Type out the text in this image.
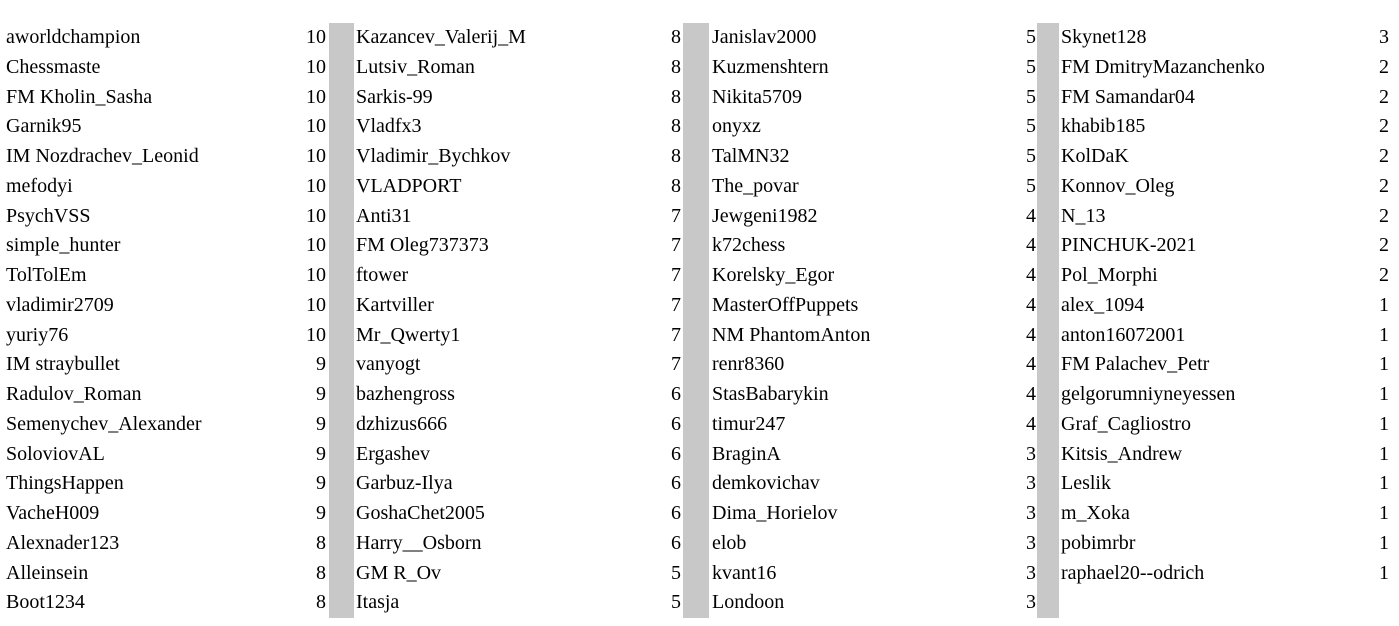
aworldchampion	10
Chessmaste	10
FM Kholin_Sasha	10
Garnik95	10
IM Nozdrachev_Leonid	10
mefodyi	10
PsychVSS	10
simple_hunter	10
TolTolEm	10
vladimir2709	10
yuriy76	10
IM straybullet	9
Radulov_Roman	9
Semenychev_Alexander	9
SoloviovAL	9
ThingsHappen	9
VacheH009	9
Alexnader123	8
Alleinsein	8
Boot1234	8
Kazancev_Valerij_M	8
Lutsiv_Roman	8
Sarkis-99	8
Vladfx3	8
Vladimir_Bychkov	8
VLADPORT	8
Anti31	7
FM Oleg737373	7
ftower	7
Kartviller	7
Mr_Qwerty1	7
vanyogt	7
bazhengross	6
dzhizus666	6
Ergashev	6
Garbuz-Ilya	6
GoshaChet2005	6
Harry__Osborn	6
GM R_Ov	5
Itasja	5
Janislav2000	5
Kuzmenshtern	5
Nikita5709	5
onyxz	5
TalMN32	5
The_povar	5
Jewgeni1982	4
k72chess	4
Korelsky_Egor	4
MasterOffPuppets	4
NM PhantomAnton	4
renr8360	4
StasBabarykin	4
timur247	4
BraginA	3
demkovichav	3
Dima_Horielov	3
elob	3
kvant16	3
Londoon	3
Skynet128	3
FM DmitryMazanchenko	2
FM Samandar04	2
khabib185	2
KolDaK	2
Konnov_Oleg	2
N_13	2
PINCHUK-2021	2
Pol_Morphi	2
alex_1094	1
anton16072001	1
FM Palachev_Petr	1
gelgorumniyneyessen	1
Graf_Cagliostro	1
Kitsis_Andrew	1
Leslik	1
m_Xoka	1
pobimrbr	1
raphael20--odrich	1
